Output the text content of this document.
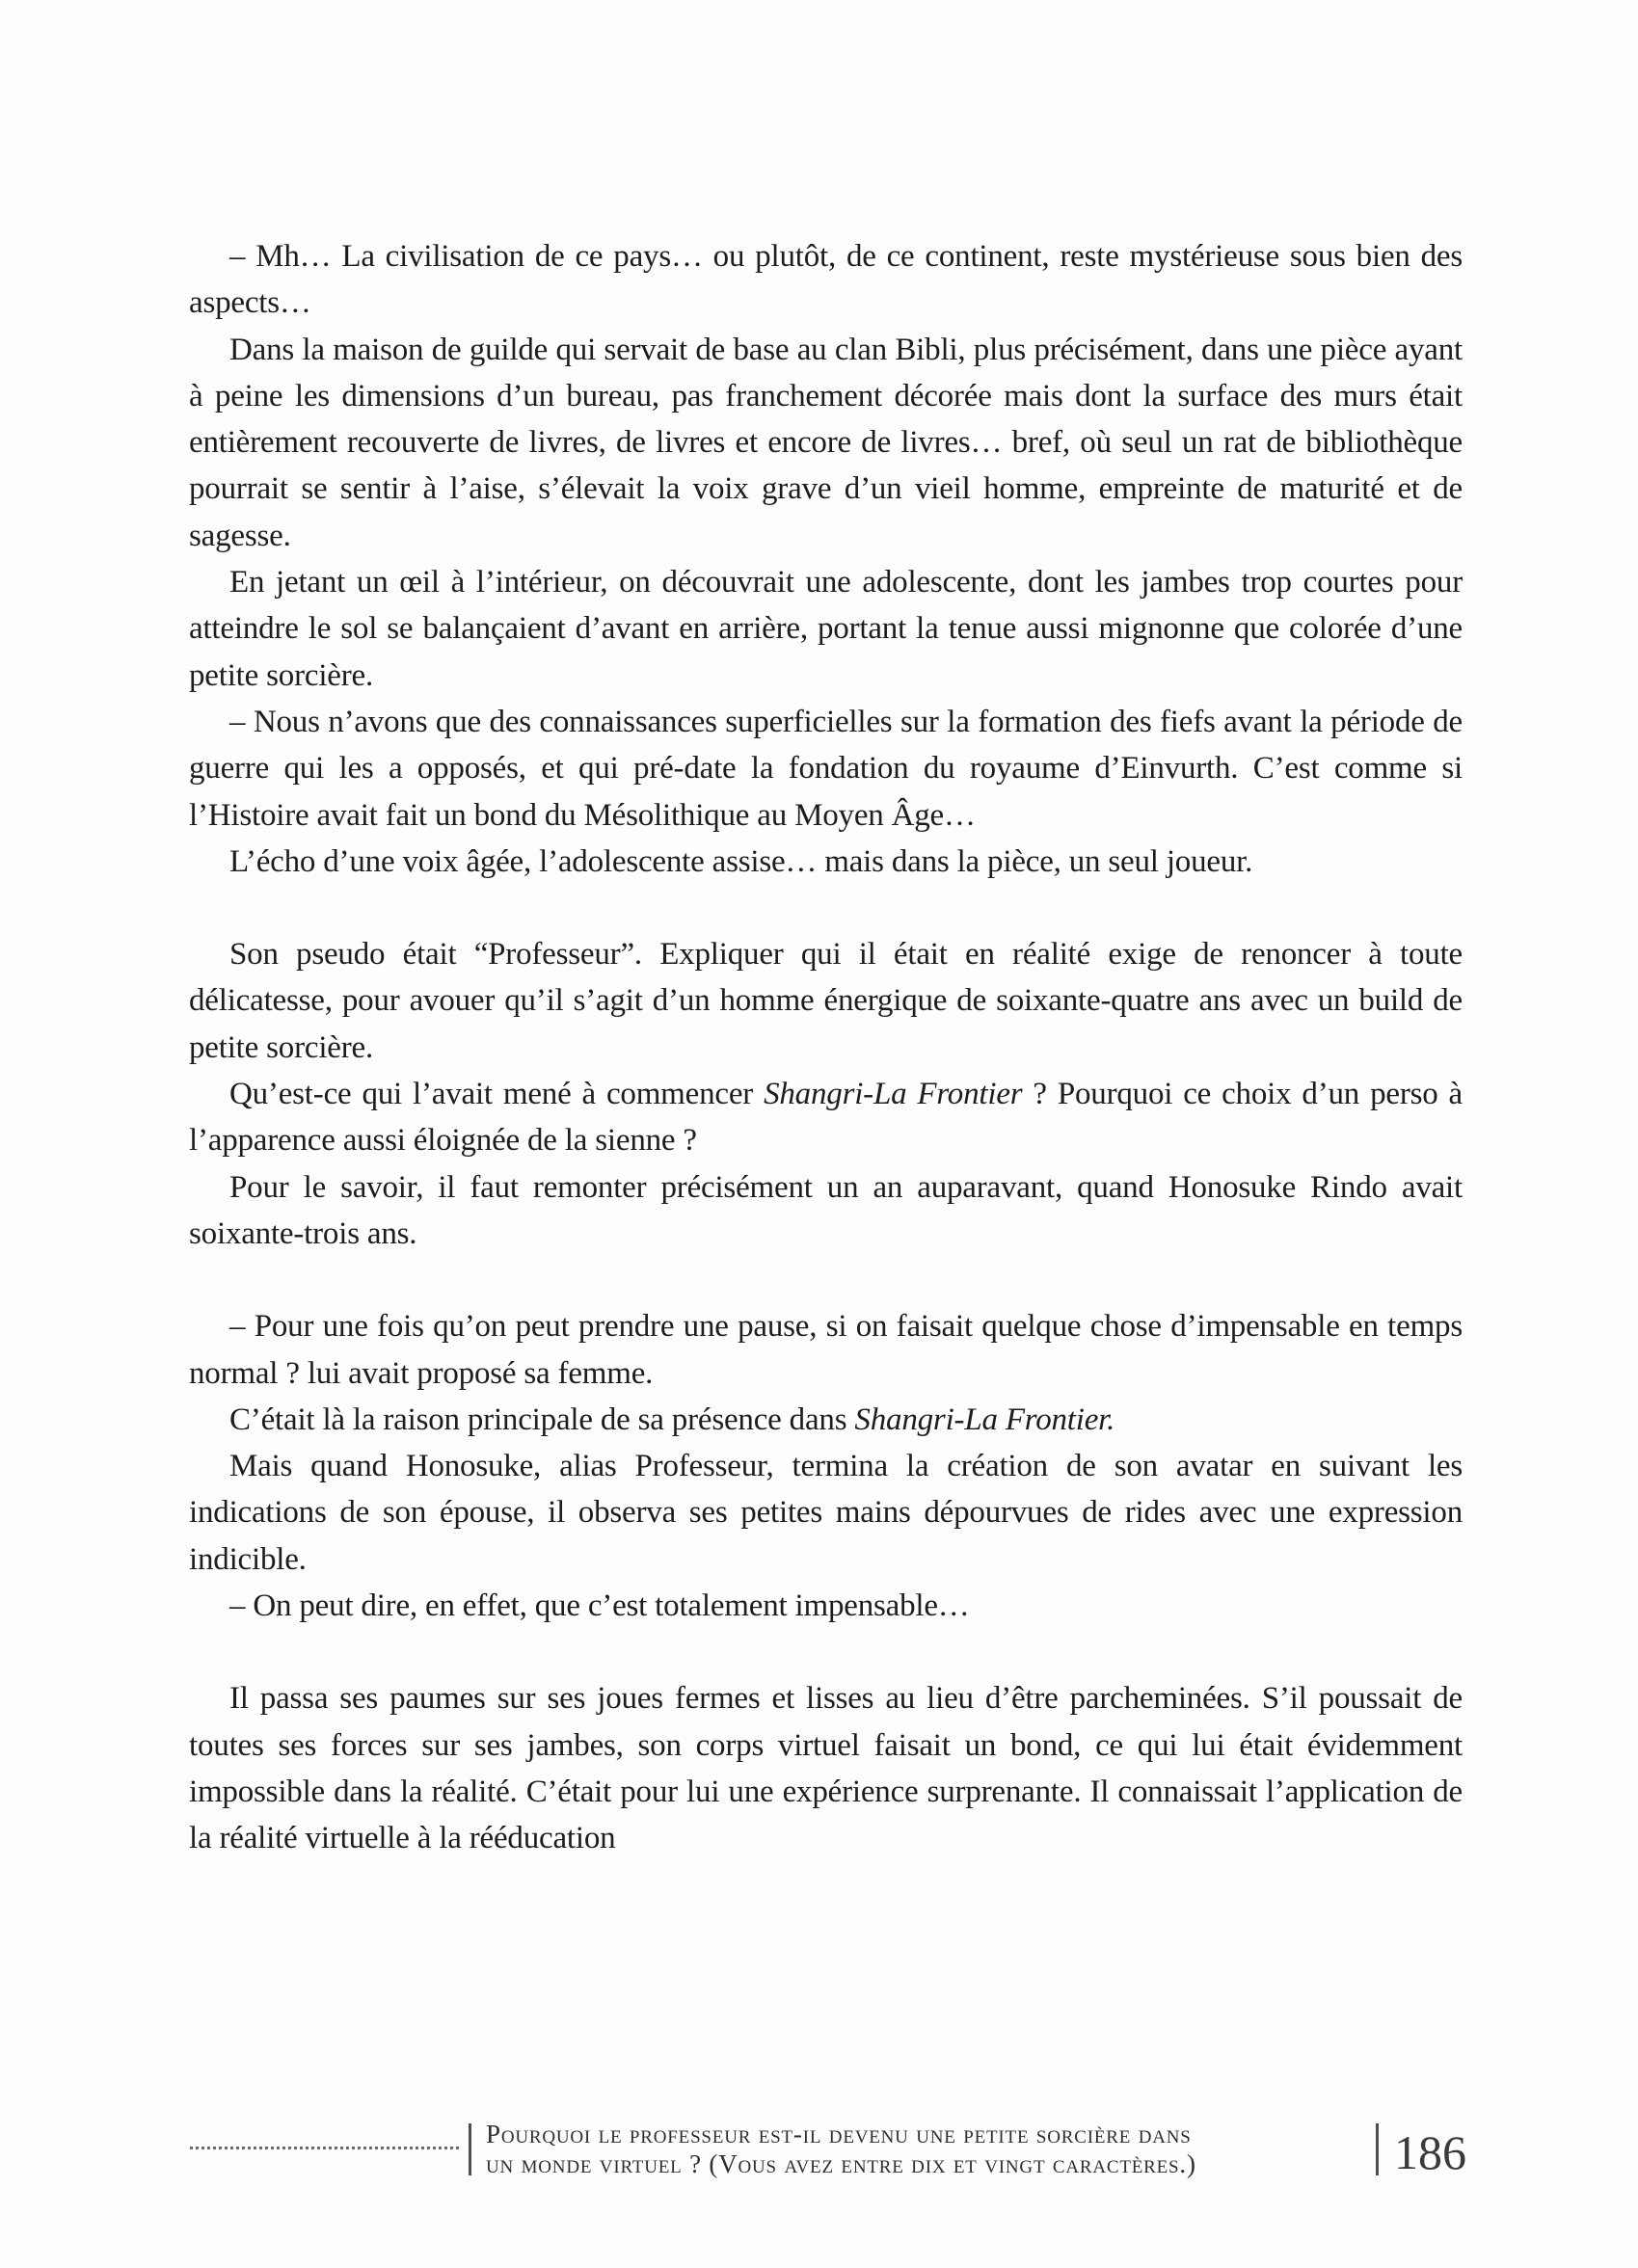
– Mh… La civilisation de ce pays… ou plutôt, de ce continent, reste mystérieuse sous bien des aspects…

Dans la maison de guilde qui servait de base au clan Bibli, plus précisément, dans une pièce ayant à peine les dimensions d’un bureau, pas franchement décorée mais dont la surface des murs était entièrement recouverte de livres, de livres et encore de livres… bref, où seul un rat de bibliothèque pourrait se sentir à l’aise, s’élevait la voix grave d’un vieil homme, empreinte de maturité et de sagesse.

En jetant un œil à l’intérieur, on découvrait une adolescente, dont les jambes trop courtes pour atteindre le sol se balançaient d’avant en arrière, portant la tenue aussi mignonne que colorée d’une petite sorcière.

– Nous n’avons que des connaissances superficielles sur la formation des fiefs avant la période de guerre qui les a opposés, et qui pré-date la fondation du royaume d’Einvurth. C’est comme si l’Histoire avait fait un bond du Mésolithique au Moyen Âge…

L’écho d’une voix âgée, l’adolescente assise… mais dans la pièce, un seul joueur.

Son pseudo était “Professeur”. Expliquer qui il était en réalité exige de renoncer à toute délicatesse, pour avouer qu’il s’agit d’un homme énergique de soixante-quatre ans avec un build de petite sorcière.

Qu’est-ce qui l’avait mené à commencer Shangri-La Frontier ? Pourquoi ce choix d’un perso à l’apparence aussi éloignée de la sienne ?

Pour le savoir, il faut remonter précisément un an auparavant, quand Honosuke Rindo avait soixante-trois ans.

– Pour une fois qu’on peut prendre une pause, si on faisait quelque chose d’impensable en temps normal ? lui avait proposé sa femme.

C’était là la raison principale de sa présence dans Shangri-La Frontier.

Mais quand Honosuke, alias Professeur, termina la création de son avatar en suivant les indications de son épouse, il observa ses petites mains dépourvues de rides avec une expression indicible.

– On peut dire, en effet, que c’est totalement impensable…

Il passa ses paumes sur ses joues fermes et lisses au lieu d’être parcheminées. S’il poussait de toutes ses forces sur ses jambes, son corps virtuel faisait un bond, ce qui lui était évidemment impossible dans la réalité. C’était pour lui une expérience surprenante. Il connaissait l’application de la réalité virtuelle à la rééducation

Pourquoi le professeur est-il devenu une petite sorcière dans
un monde virtuel ? (Vous avez entre dix et vingt caractères.)	186
